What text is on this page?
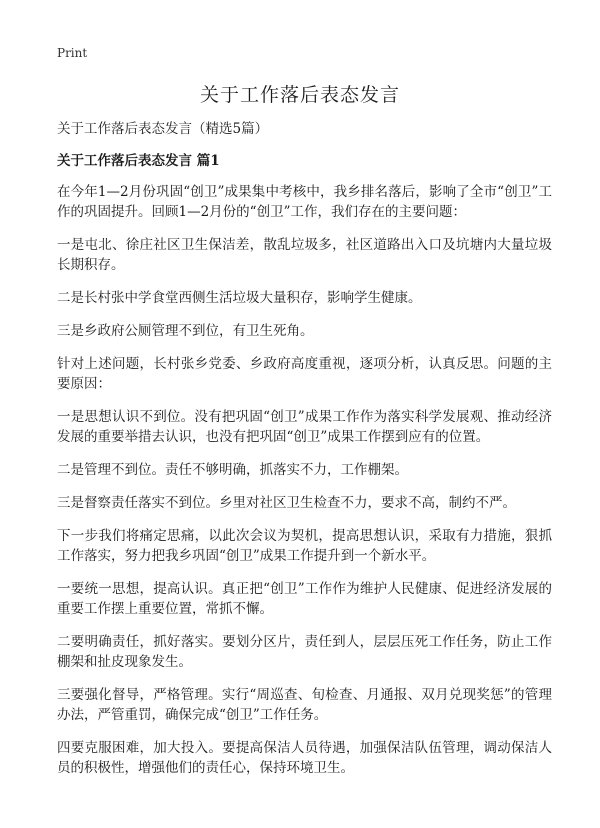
Print
关于工作落后表态发言

关于工作落后表态发言（精选5篇）

关于工作落后表态发言 篇1

在今年1—2月份巩固“创卫”成果集中考核中，我乡排名落后，影响了全市“创卫”工作的巩固提升。回顾1—2月份的“创卫”工作，我们存在的主要问题：

一是屯北、徐庄社区卫生保洁差，散乱垃圾多，社区道路出入口及坑塘内大量垃圾长期积存。

二是长村张中学食堂西侧生活垃圾大量积存，影响学生健康。

三是乡政府公厕管理不到位，有卫生死角。

针对上述问题，长村张乡党委、乡政府高度重视，逐项分析，认真反思。问题的主要原因：

一是思想认识不到位。没有把巩固“创卫”成果工作作为落实科学发展观、推动经济发展的重要举措去认识，也没有把巩固“创卫”成果工作摆到应有的位置。

二是管理不到位。责任不够明确，抓落实不力，工作棚架。

三是督察责任落实不到位。乡里对社区卫生检查不力，要求不高，制约不严。

下一步我们将痛定思痛，以此次会议为契机，提高思想认识，采取有力措施，狠抓工作落实，努力把我乡巩固“创卫”成果工作提升到一个新水平。

一要统一思想，提高认识。真正把“创卫”工作作为维护人民健康、促进经济发展的重要工作摆上重要位置，常抓不懈。

二要明确责任，抓好落实。要划分区片，责任到人，层层压死工作任务，防止工作棚架和扯皮现象发生。

三要强化督导，严格管理。实行“周巡查、旬检查、月通报、双月兑现奖惩”的管理办法，严管重罚，确保完成“创卫”工作任务。

四要克服困难，加大投入。要提高保洁人员待遇，加强保洁队伍管理，调动保洁人员的积极性，增强他们的责任心，保持环境卫生。
